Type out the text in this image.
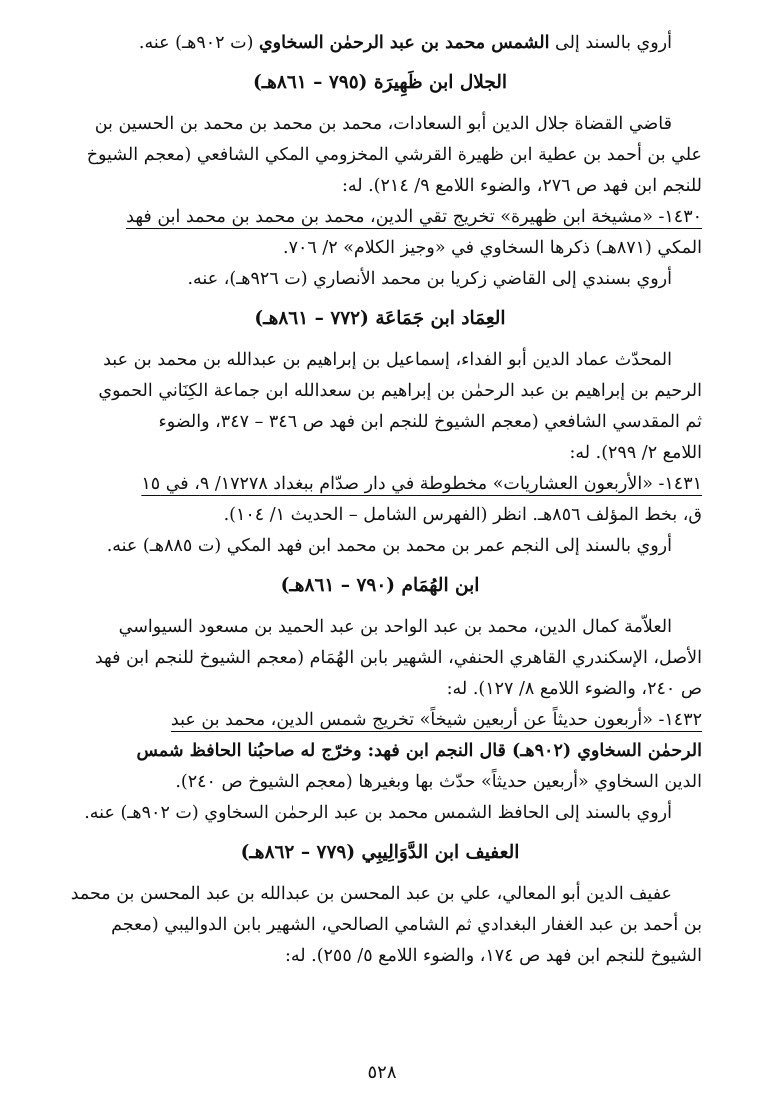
أروي بالسند إلى الشمس محمد بن عبد الرحمٰن السخاوي (ت ٩٠٢هـ) عنه.

الجلال ابن ظَهِيرَة (٧٩٥ – ٨٦١هـ)

قاضي القضاة جلال الدين أبو السعادات، محمد بن محمد بن محمد بن الحسين بن

علي بن أحمد بن عطية ابن ظهيرة القرشي المخزومي المكي الشافعي (معجم الشيوخ

للنجم ابن فهد ص ٢٧٦، والضوء اللامع ٩/ ٢١٤). له:

١٤٣٠- «مشيخة ابن ظهيرة» تخريج تقي الدين، محمد بن محمد بن محمد ابن فهد

المكي (٨٧١هـ) ذكرها السخاوي في «وجيز الكلام» ٢/ ٧٠٦.

أروي بسندي إلى القاضي زكريا بن محمد الأنصاري (ت ٩٢٦هـ)، عنه.

العِمَاد ابن جَمَاعَة (٧٧٢ – ٨٦١هـ)

المحدّث عماد الدين أبو الفداء، إسماعيل بن إبراهيم بن عبدالله بن محمد بن عبد

الرحيم بن إبراهيم بن عبد الرحمٰن بن إبراهيم بن سعدالله ابن جماعة الكِنَاني الحموي

ثم المقدسي الشافعي (معجم الشيوخ للنجم ابن فهد ص ٣٤٦ – ٣٤٧، والضوء

اللامع ٢/ ٢٩٩). له:

١٤٣١- «الأربعون العشاريات» مخطوطة في دار صدّام ببغداد ١٧٢٧٨/ ٩، في ١٥

ق، بخط المؤلف ٨٥٦هـ. انظر (الفهرس الشامل – الحديث ١/ ١٠٤).

أروي بالسند إلى النجم عمر بن محمد بن محمد ابن فهد المكي (ت ٨٨٥هـ) عنه.

ابن الهُمَام (٧٩٠ – ٨٦١هـ)

العلاّمة كمال الدين، محمد بن عبد الواحد بن عبد الحميد بن مسعود السيواسي

الأصل، الإسكندري القاهري الحنفي، الشهير بابن الهُمَام (معجم الشيوخ للنجم ابن فهد

ص ٢٤٠، والضوء اللامع ٨/ ١٢٧). له:

١٤٣٢- «أربعون حديثاً عن أربعين شيخاً» تخريج شمس الدين، محمد بن عبد

الرحمٰن السخاوي (٩٠٢هـ) قال النجم ابن فهد: وخرّج له صاحبُنا الحافظ شمس

الدين السخاوي «أربعين حديثاً» حدّث بها وبغيرها (معجم الشيوخ ص ٢٤٠).

أروي بالسند إلى الحافظ الشمس محمد بن عبد الرحمٰن السخاوي (ت ٩٠٢هـ) عنه.

العفيف ابن الدَّوَالِيبِي (٧٧٩ – ٨٦٢هـ)

عفيف الدين أبو المعالي، علي بن عبد المحسن بن عبدالله بن عبد المحسن بن محمد

بن أحمد بن عبد الغفار البغدادي ثم الشامي الصالحي، الشهير بابن الدواليبي (معجم

الشيوخ للنجم ابن فهد ص ١٧٤، والضوء اللامع ٥/ ٢٥٥). له:

٥٢٨
